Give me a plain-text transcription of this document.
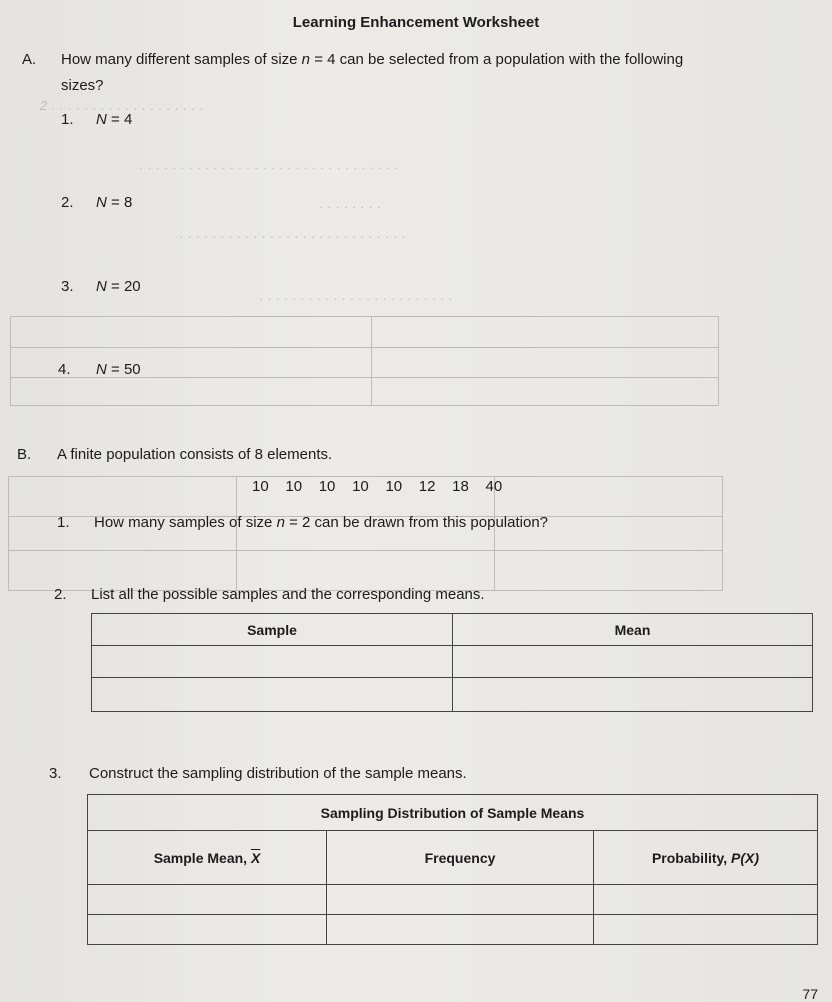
Learning Enhancement Worksheet
2 . . . . . . . . . . . . . . . . . . .
. . . . . . . . . . . . . . . . . . . . . . . . . . . . . . . .
. . . . . . . .
. . . . . . . . . . . . . . . . . . . . . . . . . . . .
. . . . . . . . . . . . . . . . . . . . . . . .
A. How many different samples of size n = 4 can be selected from a population with the following
sizes?
1. N = 4
2. N = 8
3. N = 20

4. N = 50
B. A finite population consists of 8 elements.

10 10 10 10 10 12 18 40
1. How many samples of size n = 2 can be drawn from this population?
2. List all the possible samples and the corresponding means.
Sample	Mean

3. Construct the sampling distribution of the sample means.
Sampling Distribution of Sample Means		
Sample Mean, $\overline{X}$	Frequency	Probability, P(X)

77
